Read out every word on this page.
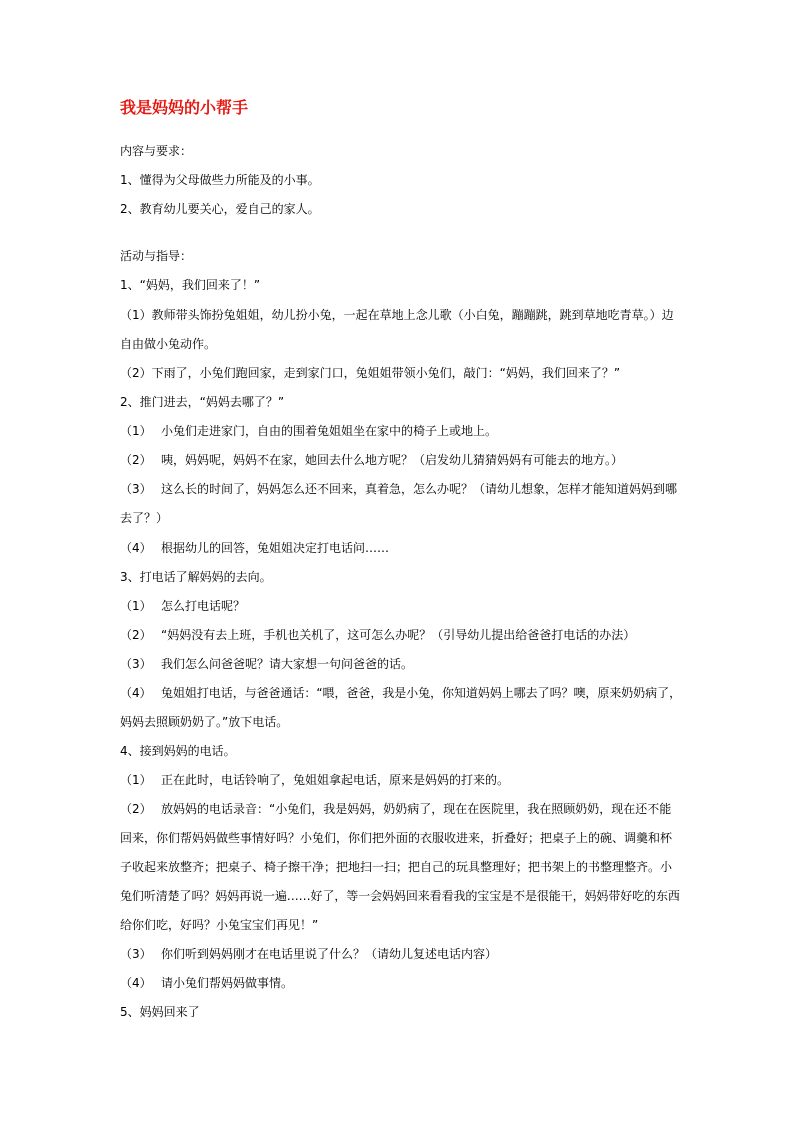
我是妈妈的小帮手
内容与要求：
1、懂得为父母做些力所能及的小事。
2、教育幼儿要关心，爱自己的家人。
活动与指导：
1、“妈妈，我们回来了！”
（1）教师带头饰扮兔姐姐，幼儿扮小兔，一起在草地上念儿歌（小白兔，蹦蹦跳，跳到草地吃青草。）边
自由做小兔动作。
（2）下雨了，小兔们跑回家，走到家门口，兔姐姐带领小兔们，敲门：“妈妈，我们回来了？”
2、推门进去，“妈妈去哪了？”
（1） 小兔们走进家门，自由的围着兔姐姐坐在家中的椅子上或地上。
（2） 咦，妈妈呢，妈妈不在家，她回去什么地方呢？（启发幼儿猜猜妈妈有可能去的地方。）
（3） 这么长的时间了，妈妈怎么还不回来，真着急，怎么办呢？（请幼儿想象，怎样才能知道妈妈到哪
去了？）
（4） 根据幼儿的回答，兔姐姐决定打电话问……
3、打电话了解妈妈的去向。
（1） 怎么打电话呢？
（2） “妈妈没有去上班，手机也关机了，这可怎么办呢？（引导幼儿提出给爸爸打电话的办法）
（3） 我们怎么问爸爸呢？请大家想一句问爸爸的话。
（4） 兔姐姐打电话，与爸爸通话：“喂，爸爸，我是小兔，你知道妈妈上哪去了吗？噢，原来奶奶病了，
妈妈去照顾奶奶了。”放下电话。
4、接到妈妈的电话。
（1） 正在此时，电话铃响了，兔姐姐拿起电话，原来是妈妈的打来的。
（2） 放妈妈的电话录音：“小兔们，我是妈妈，奶奶病了，现在在医院里，我在照顾奶奶，现在还不能
回来，你们帮妈妈做些事情好吗？小兔们，你们把外面的衣服收进来，折叠好；把桌子上的碗、调羹和杯
子收起来放整齐；把桌子、椅子擦干净；把地扫一扫；把自己的玩具整理好；把书架上的书整理整齐。小
兔们听清楚了吗？妈妈再说一遍……好了，等一会妈妈回来看看我的宝宝是不是很能干，妈妈带好吃的东西
给你们吃，好吗？小兔宝宝们再见！”
（3） 你们听到妈妈刚才在电话里说了什么？（请幼儿复述电话内容）
（4） 请小兔们帮妈妈做事情。
5、妈妈回来了
